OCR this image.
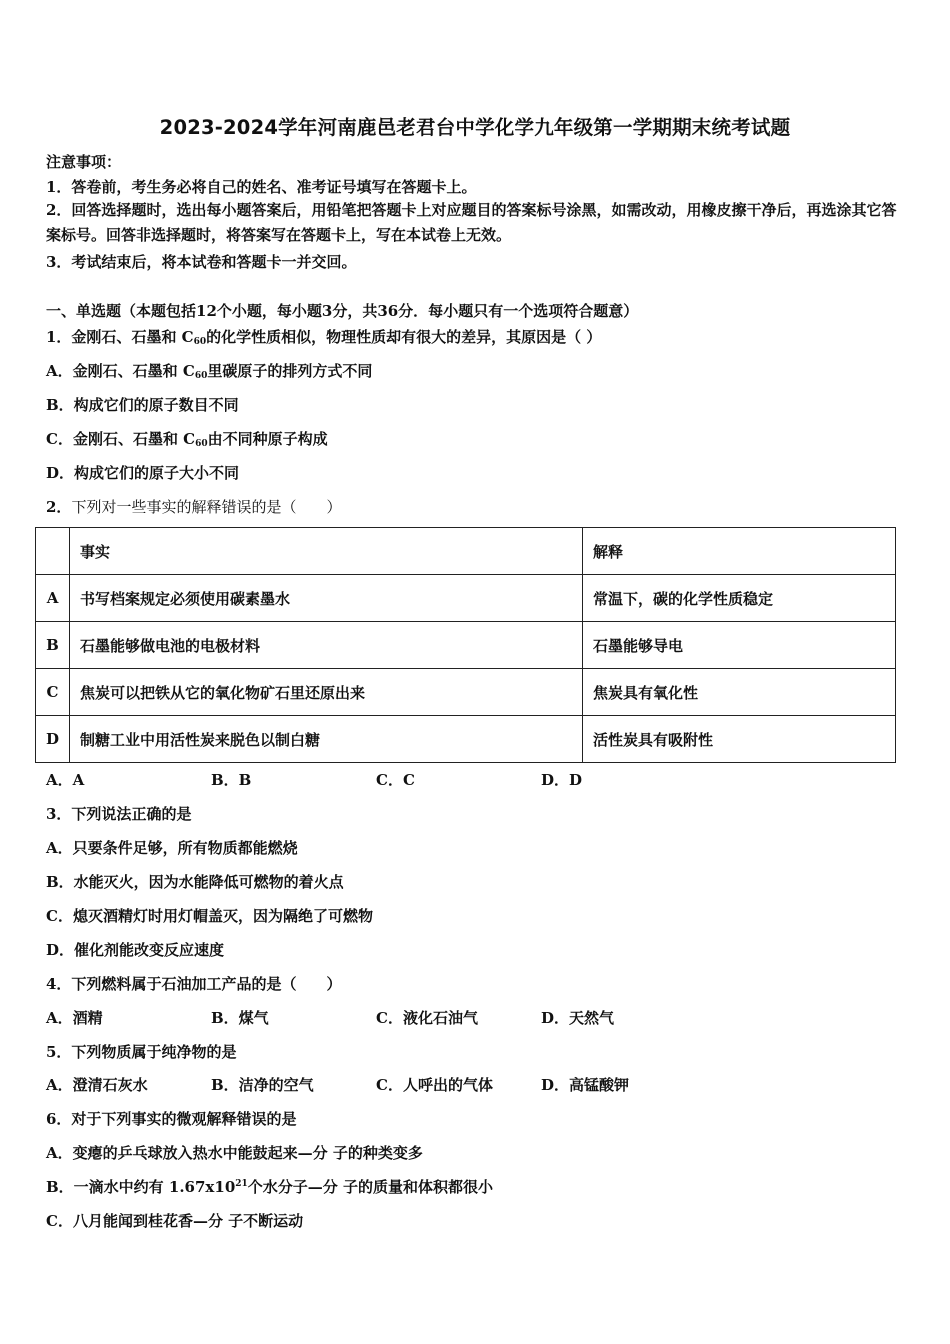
2023-2024学年河南鹿邑老君台中学化学九年级第一学期期末统考试题
注意事项：
1．答卷前，考生务必将自己的姓名、准考证号填写在答题卡上。
2．回答选择题时，选出每小题答案后，用铅笔把答题卡上对应题目的答案标号涂黑，如需改动，用橡皮擦干净后，再选涂其它答案标号。回答非选择题时，将答案写在答题卡上，写在本试卷上无效。
3．考试结束后，将本试卷和答题卡一并交回。
一、单选题（本题包括12个小题，每小题3分，共36分．每小题只有一个选项符合题意）
1．金刚石、石墨和 $C_{60}$的化学性质相似，物理性质却有很大的差异，其原因是（ ）
A．金刚石、石墨和 $C_{60}$里碳原子的排列方式不同
B．构成它们的原子数目不同
C．金刚石、石墨和 $C_{60}$由不同种原子构成
D．构成它们的原子大小不同
2．下列对一些事实的解释错误的是（　　）
	事实	解释
A	书写档案规定必须使用碳素墨水	常温下，碳的化学性质稳定
B	石墨能够做电池的电极材料	石墨能够导电
C	焦炭可以把铁从它的氧化物矿石里还原出来	焦炭具有氧化性
D	制糖工业中用活性炭来脱色以制白糖	活性炭具有吸附性
A．A	B．B	C．C	D．D
3．下列说法正确的是
A．只要条件足够，所有物质都能燃烧
B．水能灭火，因为水能降低可燃物的着火点
C．熄灭酒精灯时用灯帽盖灭，因为隔绝了可燃物
D．催化剂能改变反应速度
4．下列燃料属于石油加工产品的是（　　）
A．酒精	B．煤气	C．液化石油气	D．天然气
5．下列物质属于纯净物的是
A．澄清石灰水	B．洁净的空气	C．人呼出的气体	D．高锰酸钾
6．对于下列事实的微观解释错误的是
A．变瘪的乒乓球放入热水中能鼓起来—分 子的种类变多
B．一滴水中约有 $1.67x10^{21}$个水分子—分 子的质量和体积都很小
C．八月能闻到桂花香—分 子不断运动
